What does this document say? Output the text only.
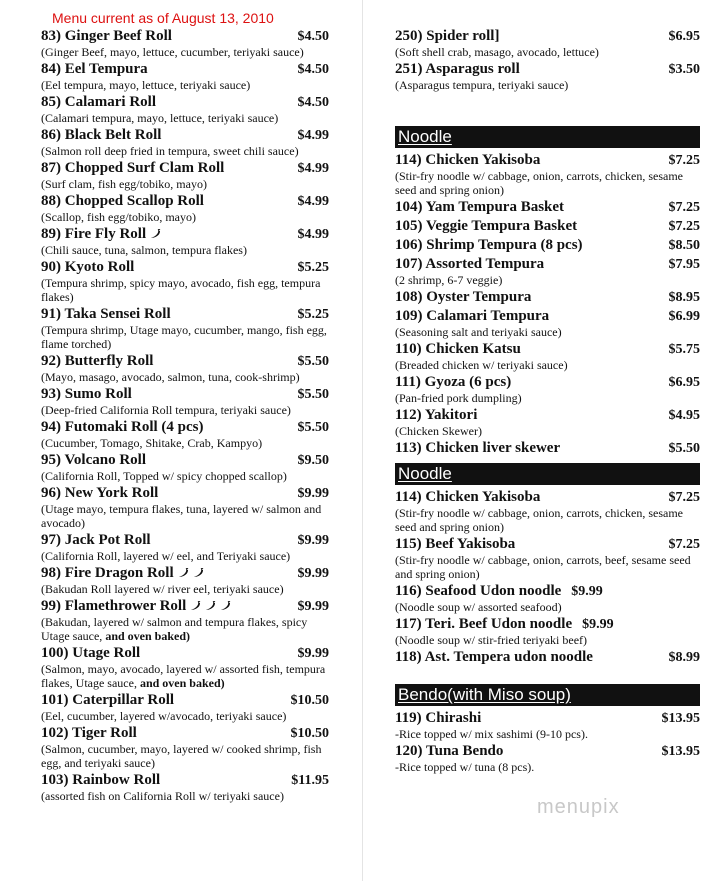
Menu current as of August 13, 2010
83) Ginger Beef Roll	$4.50
(Ginger Beef, mayo, lettuce, cucumber, teriyaki sauce)
84) Eel Tempura	$4.50
(Eel tempura, mayo, lettuce, teriyaki sauce)
85) Calamari Roll	$4.50
(Calamari tempura, mayo, lettuce, teriyaki sauce)
86) Black Belt Roll	$4.99
(Salmon roll deep fried in tempura, sweet chili sauce)
87) Chopped Surf Clam Roll	$4.99
(Surf clam, fish egg/tobiko, mayo)
88) Chopped Scallop Roll	$4.99
(Scallop, fish egg/tobiko, mayo)
89) Fire Fly Roll	$4.99
(Chili sauce, tuna, salmon, tempura flakes)
90) Kyoto Roll	$5.25
(Tempura shrimp, spicy mayo, avocado, fish egg, tempura flakes)
91) Taka Sensei Roll	$5.25
(Tempura shrimp, Utage mayo, cucumber, mango, fish egg, flame torched)
92) Butterfly Roll	$5.50
(Mayo, masago, avocado, salmon, tuna, cook-shrimp)
93) Sumo Roll	$5.50
(Deep-fried California Roll tempura, teriyaki sauce)
94) Futomaki Roll (4 pcs)	$5.50
(Cucumber, Tomago, Shitake, Crab, Kampyo)
95) Volcano Roll	$9.50
(California Roll, Topped w/ spicy chopped scallop)
96) New York Roll	$9.99
(Utage mayo, tempura flakes, tuna, layered w/ salmon and avocado)
97) Jack Pot Roll	$9.99
(California Roll, layered w/ eel, and Teriyaki sauce)
98) Fire Dragon Roll	$9.99
(Bakudan Roll layered w/ river eel, teriyaki sauce)
99) Flamethrower Roll	$9.99
(Bakudan, layered w/ salmon and tempura flakes, spicy Utage sauce, and oven baked)
100) Utage Roll	$9.99
(Salmon, mayo, avocado, layered w/ assorted fish, tempura flakes, Utage sauce, and oven baked)
101) Caterpillar Roll	$10.50
(Eel, cucumber, layered w/avocado, teriyaki sauce)
102) Tiger Roll	$10.50
(Salmon, cucumber, mayo, layered w/ cooked shrimp, fish egg, and teriyaki sauce)
103) Rainbow Roll	$11.95
(assorted fish on California Roll w/ teriyaki sauce)
250) Spider roll]	$6.95
(Soft shell crab, masago, avocado, lettuce)
251) Asparagus roll	$3.50
(Asparagus tempura, teriyaki sauce)
Noodle
114) Chicken Yakisoba	$7.25
(Stir-fry noodle w/ cabbage, onion, carrots, chicken, sesame seed and spring onion)
104) Yam Tempura Basket	$7.25
105) Veggie Tempura Basket	$7.25
106) Shrimp Tempura (8 pcs)	$8.50
107) Assorted Tempura	$7.95
(2 shrimp, 6-7 veggie)
108) Oyster Tempura	$8.95
109) Calamari Tempura	$6.99
(Seasoning salt and teriyaki sauce)
110) Chicken Katsu	$5.75
(Breaded chicken w/ teriyaki sauce)
111) Gyoza (6 pcs)	$6.95
(Pan-fried pork dumpling)
112) Yakitori	$4.95
(Chicken Skewer)
113) Chicken liver skewer	$5.50
Noodle
114) Chicken Yakisoba	$7.25
(Stir-fry noodle w/ cabbage, onion, carrots, chicken, sesame seed and spring onion)
115) Beef Yakisoba	$7.25
(Stir-fry noodle w/ cabbage, onion, carrots, beef, sesame seed and spring onion)
116) Seafood Udon noodle $9.99
(Noodle soup w/ assorted seafood)
117) Teri. Beef Udon noodle $9.99
(Noodle soup w/ stir-fried teriyaki beef)
118) Ast. Tempera udon noodle	$8.99
Bendo(with Miso soup)
119) Chirashi	$13.95
-Rice topped w/ mix sashimi (9-10 pcs).
120) Tuna Bendo	$13.95
-Rice topped w/ tuna (8 pcs).
menupix
